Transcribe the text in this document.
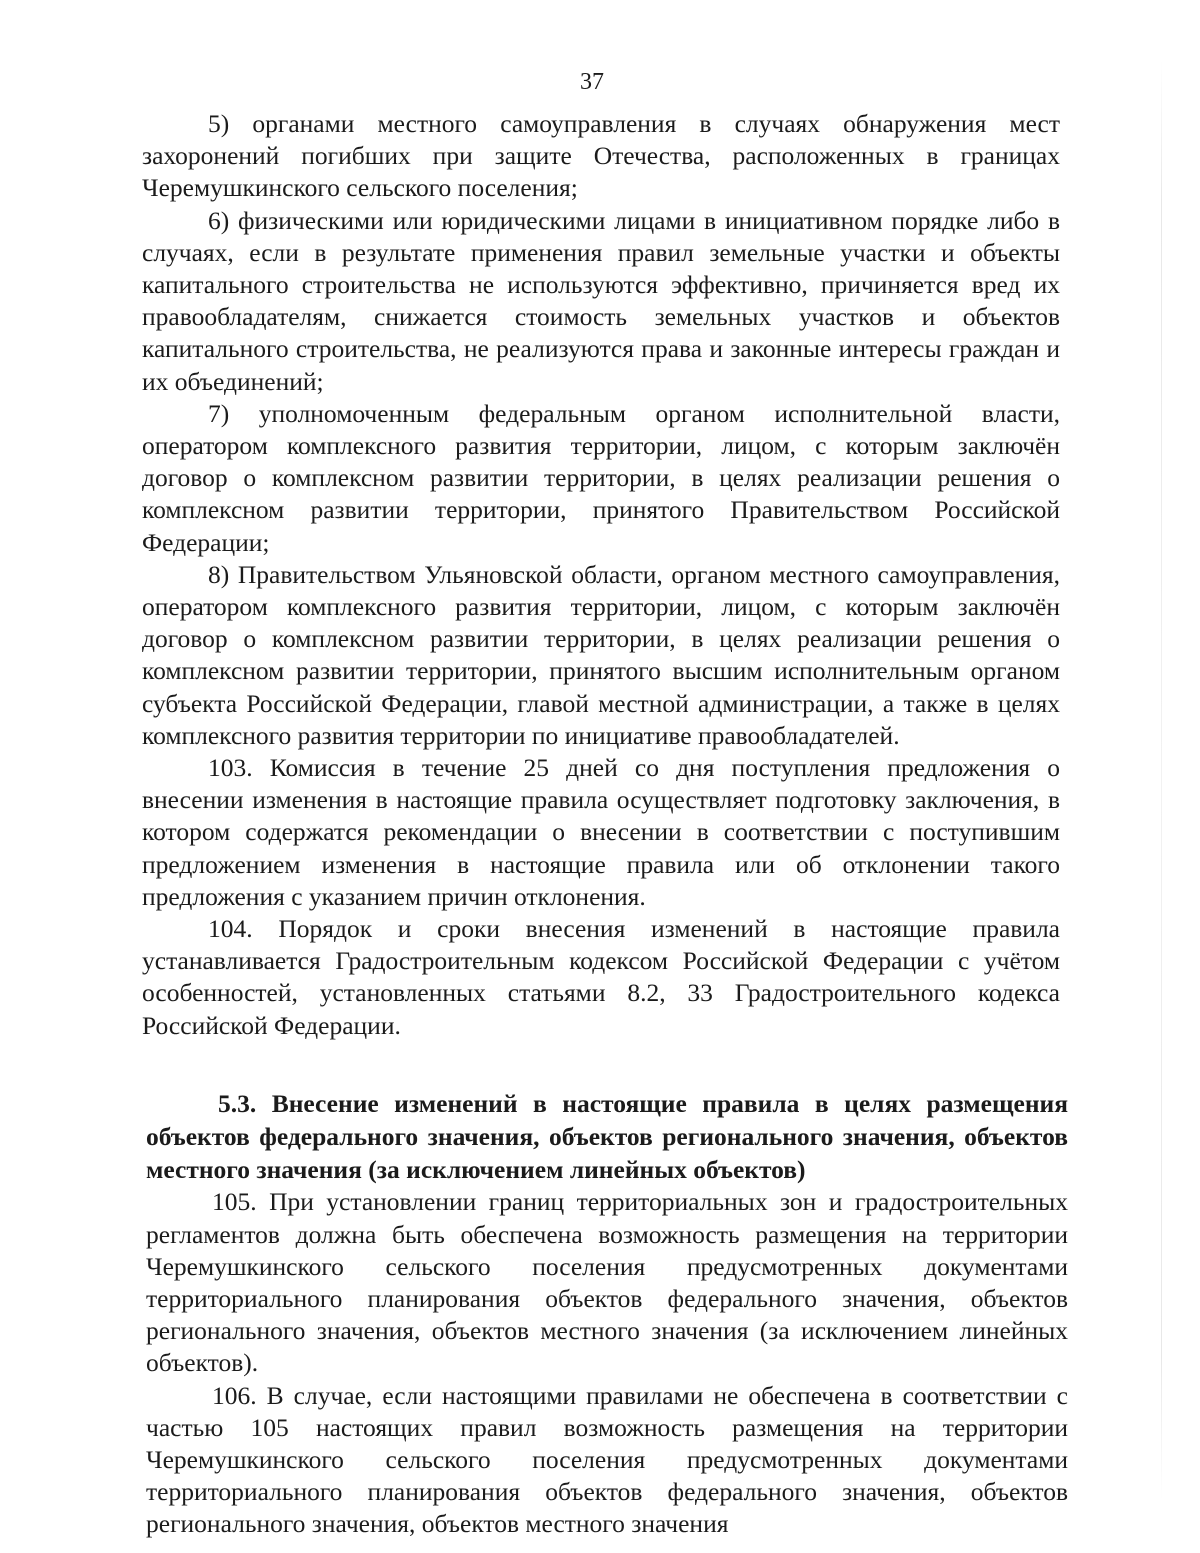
37

5) органами местного самоуправления в случаях обнаружения мест захоронений погибших при защите Отечества, расположенных в границах Черемушкинского сельского поселения;

6) физическими или юридическими лицами в инициативном порядке либо в случаях, если в результате применения правил земельные участки и объекты капитального строительства не используются эффективно, причиняется вред их правообладателям, снижается стоимость земельных участков и объектов капитального строительства, не реализуются права и законные интересы граждан и их объединений;

7) уполномоченным федеральным органом исполнительной власти, оператором комплексного развития территории, лицом, с которым заключён договор о комплексном развитии территории, в целях реализации решения о комплексном развитии территории, принятого Правительством Российской Федерации;

8) Правительством Ульяновской области, органом местного самоуправления, оператором комплексного развития территории, лицом, с которым заключён договор о комплексном развитии территории, в целях реализации решения о комплексном развитии территории, принятого высшим исполнительным органом субъекта Российской Федерации, главой местной администрации, а также в целях комплексного развития территории по инициативе правообладателей.

103. Комиссия в течение 25 дней со дня поступления предложения о внесении изменения в настоящие правила осуществляет подготовку заключения, в котором содержатся рекомендации о внесении в соответствии с поступившим предложением изменения в настоящие правила или об отклонении такого предложения с указанием причин отклонения.

104. Порядок и сроки внесения изменений в настоящие правила устанавливается Градостроительным кодексом Российской Федерации с учётом особенностей, установленных статьями 8.2, 33 Градостроительного кодекса Российской Федерации.

5.3. Внесение изменений в настоящие правила в целях размещения объектов федерального значения, объектов регионального значения, объектов местного значения (за исключением линейных объектов)

105. При установлении границ территориальных зон и градостроительных регламентов должна быть обеспечена возможность размещения на территории Черемушкинского сельского поселения предусмотренных документами территориального планирования объектов федерального значения, объектов регионального значения, объектов местного значения (за исключением линейных объектов).

106. В случае, если настоящими правилами не обеспечена в соответствии с частью 105 настоящих правил возможность размещения на территории Черемушкинского сельского поселения предусмотренных документами территориального планирования объектов федерального значения, объектов регионального значения, объектов местного значения
